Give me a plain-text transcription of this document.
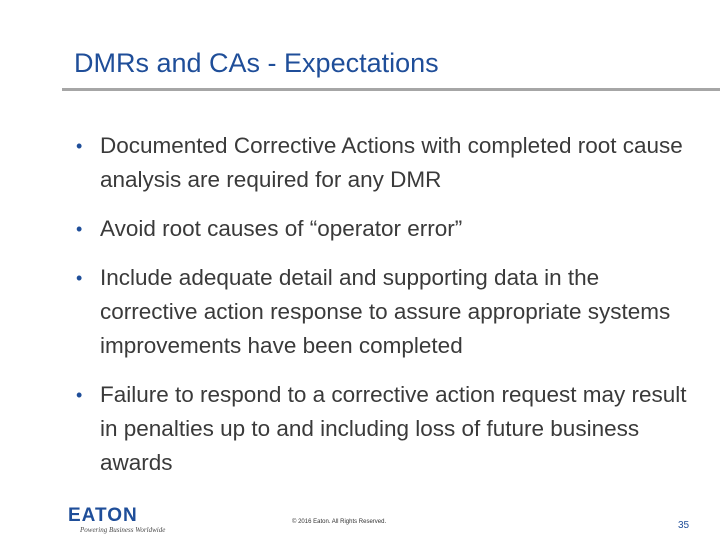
DMRs and CAs - Expectations
• Documented Corrective Actions with completed root cause analysis are required for any DMR
• Avoid root causes of “operator error”
• Include adequate detail and supporting data in the corrective action response to assure appropriate systems improvements have been completed
• Failure to respond to a corrective action request may result in penalties up to and including loss of future business awards
EATON
Powering Business Worldwide
© 2016 Eaton. All Rights Reserved.	35
